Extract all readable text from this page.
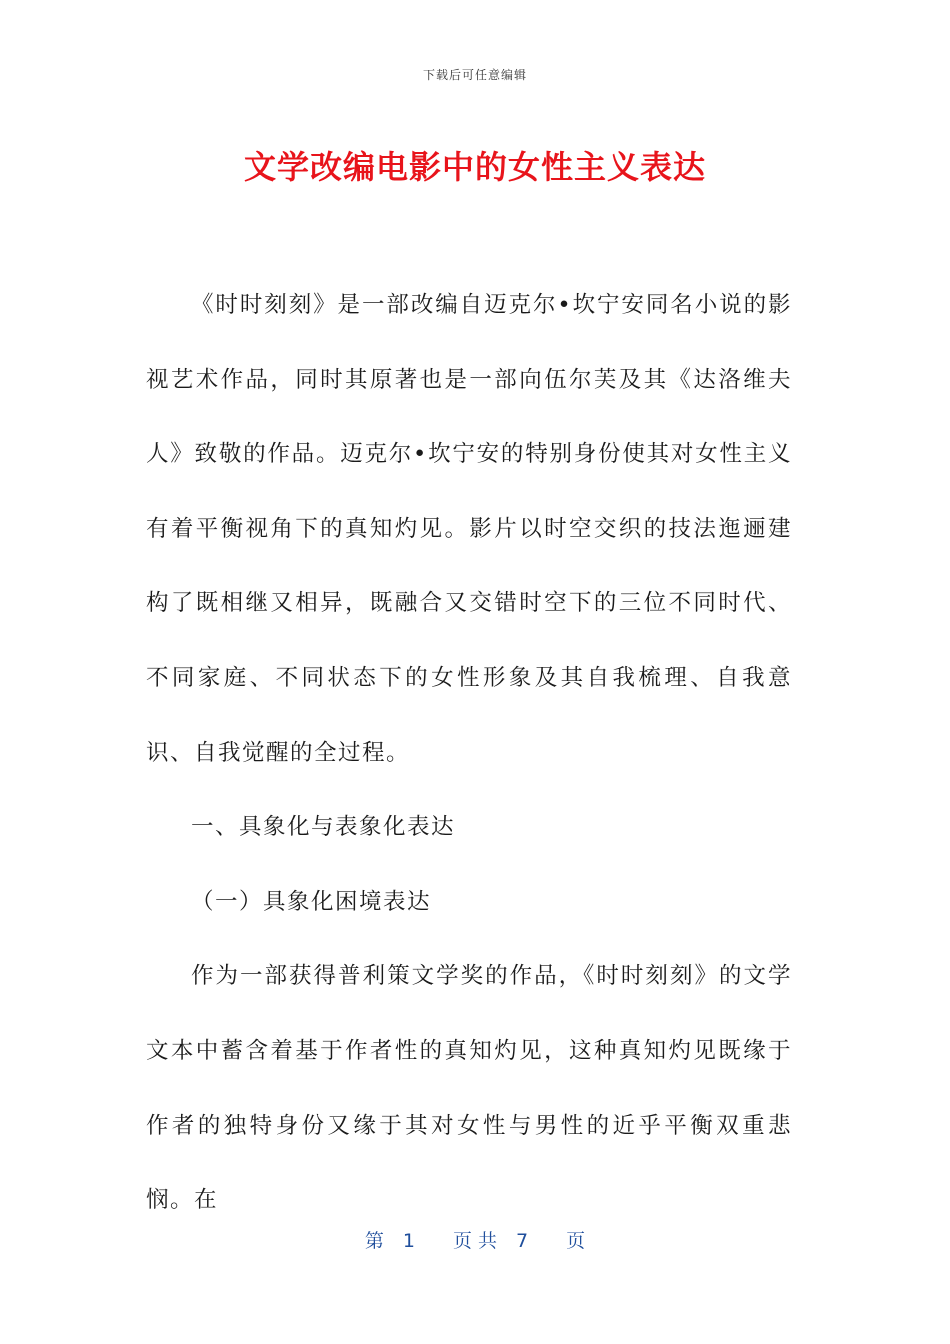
下载后可任意编辑
文学改编电影中的女性主义表达

《时时刻刻》是一部改编自迈克尔•坎宁安同名小说的影视艺术作品，同时其原著也是一部向伍尔芙及其《达洛维夫人》致敬的作品。迈克尔•坎宁安的特别身份使其对女性主义有着平衡视角下的真知灼见。影片以时空交织的技法迤逦建构了既相继又相异，既融合又交错时空下的三位不同时代、不同家庭、不同状态下的女性形象及其自我梳理、自我意识、自我觉醒的全过程。

一、具象化与表象化表达

（一）具象化困境表达

作为一部获得普利策文学奖的作品，《时时刻刻》的文学文本中蓄含着基于作者性的真知灼见，这种真知灼见既缘于作者的独特身份又缘于其对女性与男性的近乎平衡双重悲悯。在

第　1　　页 共　7　　页
